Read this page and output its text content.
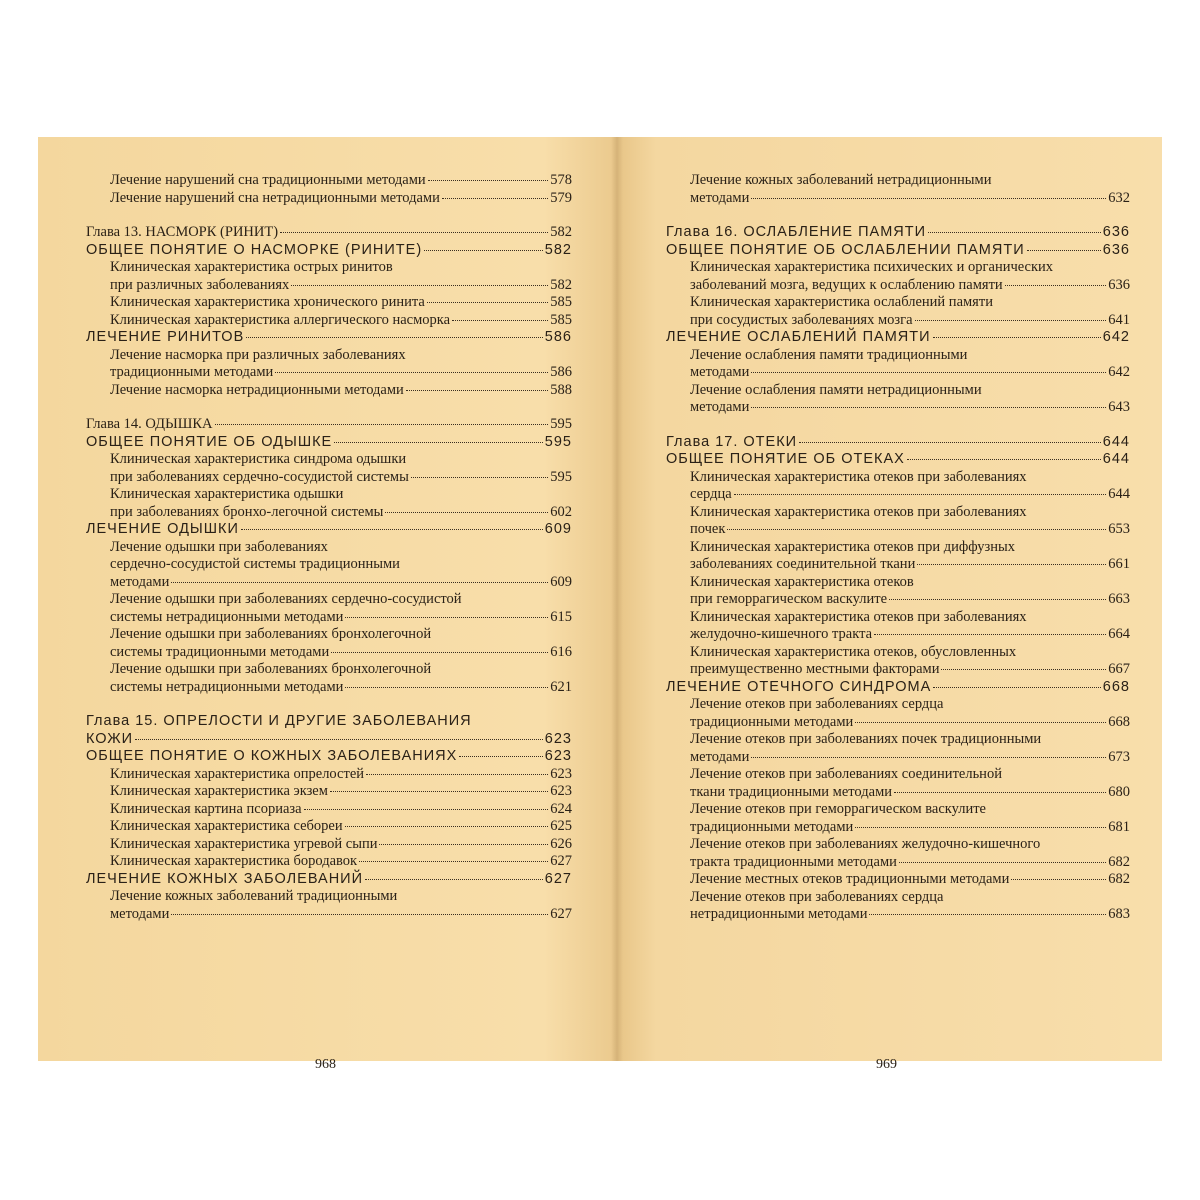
Лечение нарушений сна традиционными методами	578
Лечение нарушений сна нетрадиционными методами	579
Глава 13. НАСМОРК (РИНИТ)	582
ОБЩЕЕ ПОНЯТИЕ О НАСМОРКЕ (РИНИТЕ)	582
Клиническая характеристика острых ринитов
при различных заболеваниях	582
Клиническая характеристика хронического ринита	585
Клиническая характеристика аллергического насморка	585
ЛЕЧЕНИЕ РИНИТОВ	586
Лечение насморка при различных заболеваниях
традиционными методами	586
Лечение насморка нетрадиционными методами	588
Глава 14. ОДЫШКА	595
ОБЩЕЕ ПОНЯТИЕ ОБ ОДЫШКЕ	595
Клиническая характеристика синдрома одышки
при заболеваниях сердечно-сосудистой системы	595
Клиническая характеристика одышки
при заболеваниях бронхо-легочной системы	602
ЛЕЧЕНИЕ ОДЫШКИ	609
Лечение одышки при заболеваниях
сердечно-сосудистой системы традиционными
методами	609
Лечение одышки при заболеваниях сердечно-сосудистой
системы нетрадиционными методами	615
Лечение одышки при заболеваниях бронхолегочной
системы традиционными методами	616
Лечение одышки при заболеваниях бронхолегочной
системы нетрадиционными методами	621
Глава 15. ОПРЕЛОСТИ И ДРУГИЕ ЗАБОЛЕВАНИЯ
КОЖИ	623
ОБЩЕЕ ПОНЯТИЕ О КОЖНЫХ ЗАБОЛЕВАНИЯХ	623
Клиническая характеристика опрелостей	623
Клиническая характеристика экзем	623
Клиническая картина псориаза	624
Клиническая характеристика себореи	625
Клиническая характеристика угревой сыпи	626
Клиническая характеристика бородавок	627
ЛЕЧЕНИЕ КОЖНЫХ ЗАБОЛЕВАНИЙ	627
Лечение кожных заболеваний традиционными
методами	627
Лечение кожных заболеваний нетрадиционными
методами	632
Глава 16. ОСЛАБЛЕНИЕ ПАМЯТИ	636
ОБЩЕЕ ПОНЯТИЕ ОБ ОСЛАБЛЕНИИ ПАМЯТИ	636
Клиническая характеристика психических и органических
заболеваний мозга, ведущих к ослаблению памяти	636
Клиническая характеристика ослаблений памяти
при сосудистых заболеваниях мозга	641
ЛЕЧЕНИЕ ОСЛАБЛЕНИЙ ПАМЯТИ	642
Лечение ослабления памяти традиционными
методами	642
Лечение ослабления памяти нетрадиционными
методами	643
Глава 17. ОТЕКИ	644
ОБЩЕЕ ПОНЯТИЕ ОБ ОТЕКАХ	644
Клиническая характеристика отеков при заболеваниях
сердца	644
Клиническая характеристика отеков при заболеваниях
почек	653
Клиническая характеристика отеков при диффузных
заболеваниях соединительной ткани	661
Клиническая характеристика отеков
при геморрагическом васкулите	663
Клиническая характеристика отеков при заболеваниях
желудочно-кишечного тракта	664
Клиническая характеристика отеков, обусловленных
преимущественно местными факторами	667
ЛЕЧЕНИЕ ОТЕЧНОГО СИНДРОМА	668
Лечение отеков при заболеваниях сердца
традиционными методами	668
Лечение отеков при заболеваниях почек традиционными
методами	673
Лечение отеков при заболеваниях соединительной
ткани традиционными методами	680
Лечение отеков при геморрагическом васкулите
традиционными методами	681
Лечение отеков при заболеваниях желудочно-кишечного
тракта традиционными методами	682
Лечение местных отеков традиционными методами	682
Лечение отеков при заболеваниях сердца
нетрадиционными методами	683
968	969
